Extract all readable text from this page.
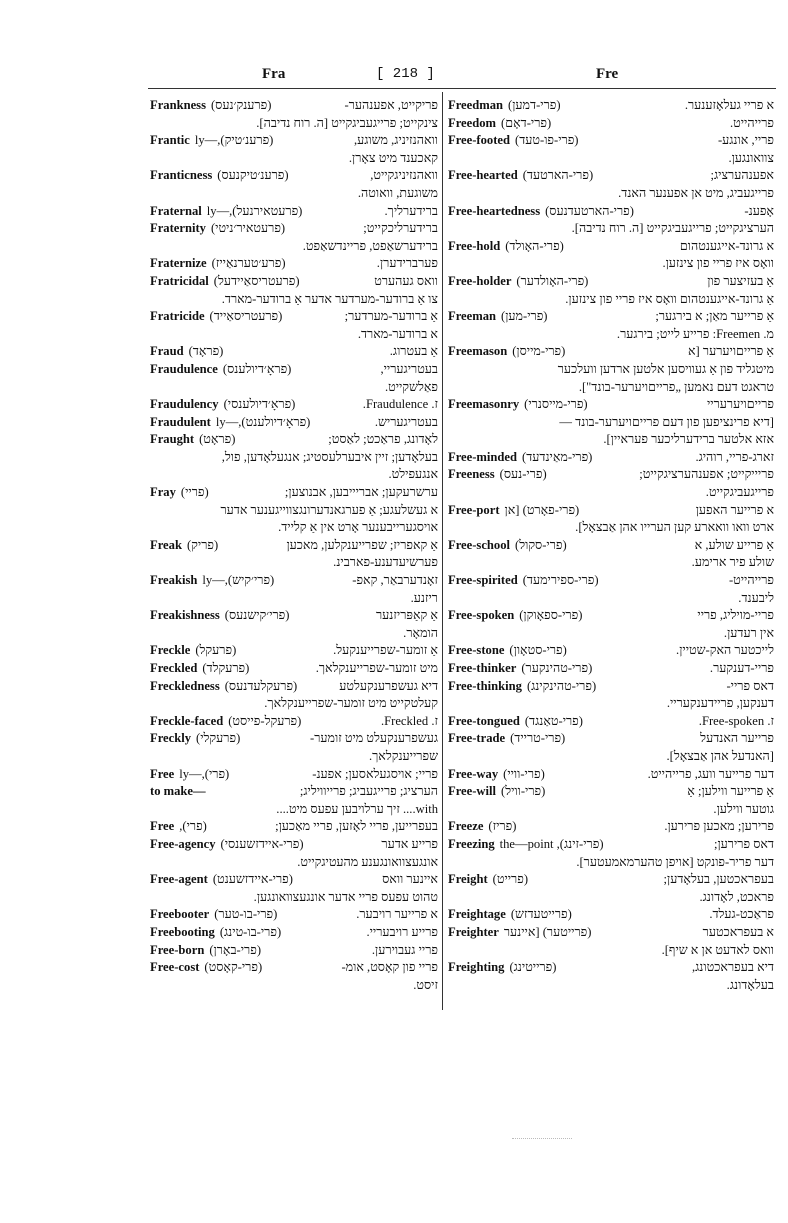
Fra	[ 218 ]	Fre
Frankness (פרענק׳נעס)	פריקייט, אפענהער-
צינקייט; פרייגעביגקייט [ה. רוח נדיבה].
Frantic (פרענ׳טיק),—ly	וואהנזיניג, משוגע,
קאכענד מיט צאָרן.
Franticness (פרענ׳טיקנעס)	וואהנזיניגקייט,
משוגעת, וואוטה.
Fraternal (פרעטאירנעל),—ly	ברידערליך.
Fraternity (פרעטאיר׳ניטי)	ברידערליכקייט;
ברידערשאַפט, פריינדשאַפט.
Fraternize (פרע׳טערנאַייז)	פערברידערן.
Fratricidal (פרעטריסאַיידעל)	וואס געהערט
צו אַ ברודער-מערדער אדער אַ ברודער-מארד.
Fratricide (פרעטריסאַייד)	אַ ברודער-מערדער;
א ברודער-מארד.
Fraud (פראָד)	אַ בעטרוג.
Fraudulence (פראָ׳דיולענס)	בעטריגעריי,
פאַלשקייט.
Fraudulency (פראָ׳דיולענסי)	ז. Fraudulence.
Fraudulent (פראָ׳דיולענט),—ly	בעטריגעריש.
Fraught (פראָט)	לאָדונג, פראַכט; לאַסט;
בעלאָדען; זיין איבערלעסטיג; אנגעלאָדען, פול,
אנגעפילט.
Fray (פריי)	ערשרעקען; אבריייבען, אבנוצען;
א געשלעגע; אַ פערגאנדערונגצווייגענער אדער
אויסגערייבענער אָרט אין אַ קלייד.
Freak (פריק)	אַ קאפריז; שפרייענקלען, מאכען
פערשיעדענע-פארבינ.
Freakish (פרי׳קיש),—ly	זאָנדערבאַר, קאפ-
ריזנע.
Freakishness (פרי׳קישנעס)	אַ קאַפּריזנער
הומאָר.
Freckle (פרעקל)	אַ זומער-שפרייענקעל.
Freckled (פרעקלד)	מיט זומער-שפרייענקלאך.
Freckledness (פרעקלעדנעס)	דיא געשפרענקעלטע
קעלטקייט מיט זומער-שפרייענקלאך.
Freckle-faced (פרעקל-פייסט)	ז. Freckled.
Freckly (פרעקלי)	געשפרענקעלט מיט זומער-
שפרייענקלאך.
Free (פרי),—ly	פריי; אויסגעלאסען; אפענ-
to make—	הערציג; פרייגעביג; פרייוויליג;
with.... זיך ערלויבען עפעס מיט....
Free (פרי),	בעפרייען, פריי לאָזען, פריי מאַכען;
Free-agency (פרי-איידזשענסי)	פרייע אדער
אונגעצוואונגענע מהעטיגקייט.
Free-agent (פרי-איידזשענט)	איינער וואס
טהוט עפעס פריי אדער אונגעצוואונגען.
Freebooter (פרי-בו-טער)	א פרייער רויבער.
Freebooting (פרי-בו-טינג)	פרייע רויבעריי.
Free-born (פרי-באָרן)	פריי געבוירען.
Free-cost (פרי-קאָסט)	פריי פון קאָסט, אומ-
זיסט.
Freedman (פרי-דמען)	א פריי געלאָזענער.
Freedom (פרי-דאָם)	פרייהייט.
Free-footed (פרי-פו-טעד)	פריי, אונגע-
צוואונגען.
Free-hearted (פרי-הארטעד)	אפענהערציג;
פרייגעביג, מיט אן אפענער האנד.
Free-heartedness (פרי-הארטעדנעס)	אָפענ-
הערציגקייט; פרייגעביגקייט [ה. רוח נדיבה].
Free-hold (פרי-האָולד)	א גרונד-אייגענטהום
וואָס איז פריי פון צינזען.
Free-holder (פרי-האָולדער)	אַ בעזיצער פון
אַ גרונד-אייגענטהום וואָס איז פריי פון צינזען.
Freeman (פרי-מען)	אַ פרייער מאַן; א בירגער;
מ. Freemen: פרייע לייט; בירגער.
Freemason (פרי-מייסן)	אַ פרייםויערער [א
מיטגליד פון אַ געוויסען אלטען ארדען וועלכער
טראגט דעם נאמען „פרייםויערער-בונד"].
Freemasonry (פרי-מייסנרי)	פרייםויערעריי
[דיא פרינציפען פון דעם פרייםויערער-בונד —
אזא אלטער ברידערליכער פעראיין].
Free-minded (פרי-מאַינדעד)	זארג-פריי, רוהיג.
Freeness (פרי-נעס)	פריייקייט; אפענהערציגקייט;
פרייגעביגקייט.
Free-port (פרי-פאָרט) [אן	א פרייער האפען
ארט וואו וואארע קען הערייו אהן אַבצאָל].
Free-school (פרי-סקול)	אַ פרייע שולע, א
שולע פיר ארימע.
Free-spirited (פרי-ספירימעד)	פרייהייט-
ליבענד.
Free-spoken (פרי-ספאָוקן)	פריי-מויליג, פריי
אין רעדען.
Free-stone (פרי-סטאָון)	לייכטער האק-שטיין.
Free-thinker (פרי-טהינקער)	פריי-דענקער.
Free-thinking (פרי-טהינקינג)	דאס פריי-
דענקען, פריידענקעריי.
Free-tongued (פרי-טאַנגד)	ז. Free-spoken.
Free-trade (פרי-טרייד)	פרייער האנדעל
[האנדעל אהן אַבצאָל].
Free-way (פרי-וויי)	דער פרייער וועג, פרייהייט.
Free-will (פרי-וויל)	אַ פרייער ווילען; אַ
גוטער ווילען.
Freeze (פריז)	פרירען; מאכען פרירען.
Freezing (פרי-זינג), the—point	דאס פרירען;
דער פריר-פונקט [אויפן טהערמאמעטער].
Freight (פרייט)	בעפראכטען, בעלאָדען;
פראכט, לאָדונג.
Freightage (פרייטעדזש)	פראַכט-געלד.
Freighter (פרייטער) [איינער	א בעפראכטער
וואס לאדעט אן א שיף].
Freighting (פרייטינג)	דיא בעפראכטונג,
בעלאָדונג.
